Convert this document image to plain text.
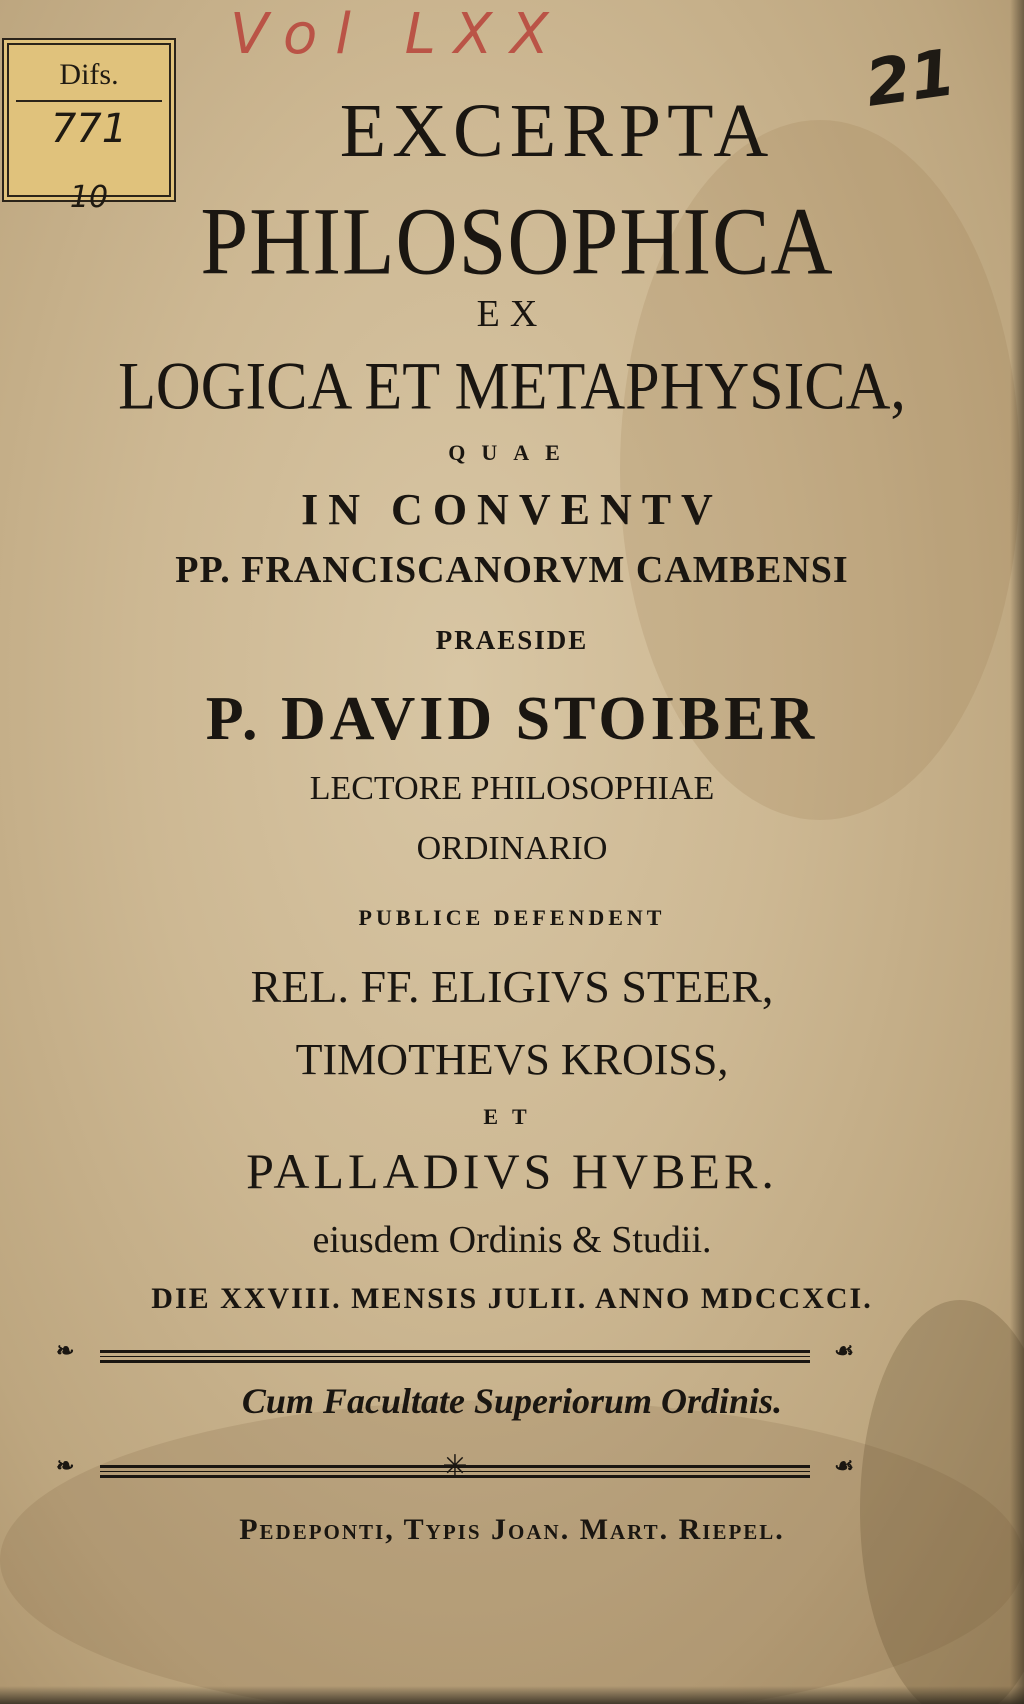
Difs.
771
10
Vol LXX
21
EXCERPTA
PHILOSOPHICA
EX
LOGICA ET METAPHYSICA,
QUAE
IN CONVENTV
PP. FRANCISCANORVM CAMBENSI
PRAESIDE
P. DAVID STOIBER
LECTORE PHILOSOPHIAE
ORDINARIO
PUBLICE DEFENDENT
REL. FF. ELIGIVS STEER,
TIMOTHEVS KROISS,
ET
PALLADIVS HVBER.
eiusdem Ordinis & Studii.
DIE XXVIII. MENSIS JULII. ANNO MDCCXCI.
❧	☙
Cum Facultate Superiorum Ordinis.
❧	☙
✳
Pedeponti, Typis Joan. Mart. Riepel.
